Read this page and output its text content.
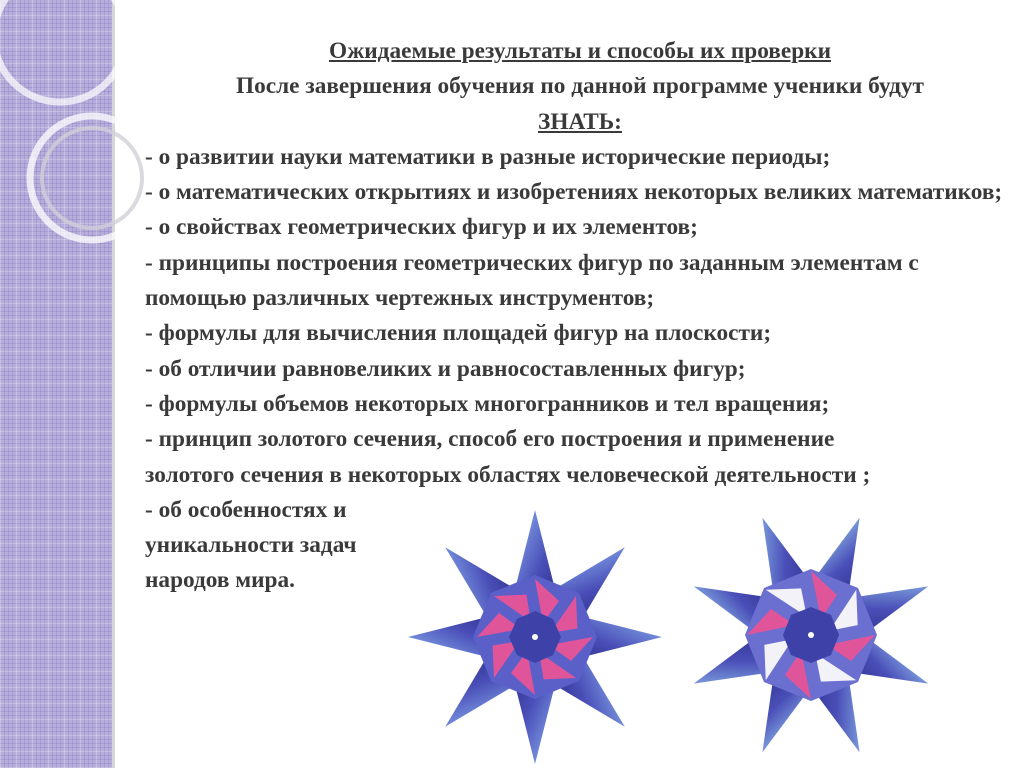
Ожидаемые результаты и способы их проверки
После завершения обучения по данной программе ученики будут
ЗНАТЬ:
- о развитии науки математики в разные исторические периоды;
- о математических открытиях и изобретениях некоторых великих математиков;
- о свойствах геометрических фигур и их элементов;
- принципы построения геометрических фигур по заданным элементам с помощью различных чертежных инструментов;
- формулы для вычисления площадей фигур на плоскости;
- об отличии равновеликих и равносоставленных фигур;
- формулы объемов некоторых многогранников и тел вращения;
- принцип золотого сечения, способ его построения и применение золотого сечения в некоторых областях человеческой деятельности ;
- об особенностях и уникальности задач народов мира.
